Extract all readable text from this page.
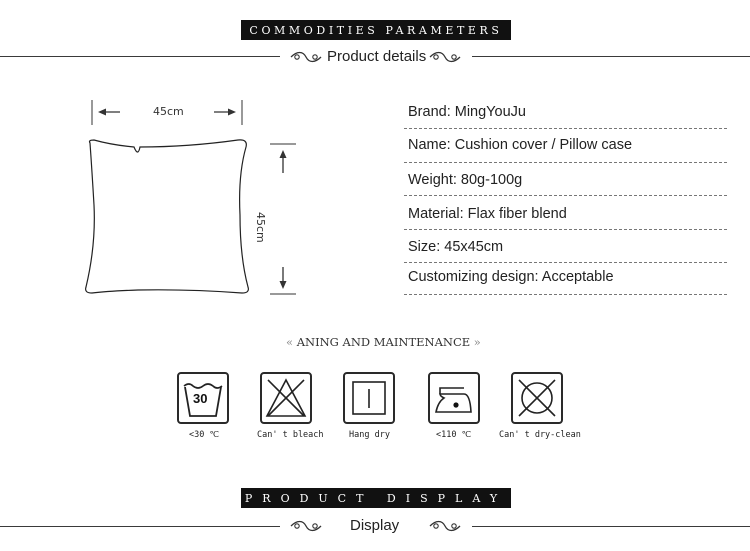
COMMODITIES PARAMETERS
Product details
45cm
45cm
Brand: MingYouJu
Name: Cushion cover / Pillow case
Weight: 80g-100g
Material: Flax fiber blend
Size: 45x45cm
Customizing design: Acceptable
« ANING AND MAINTENANCE »
30
<30 ℃	Can' t bleach	Hang dry	<110 ℃	Can' t dry-clean
PRODUCT DISPLAY
Display
